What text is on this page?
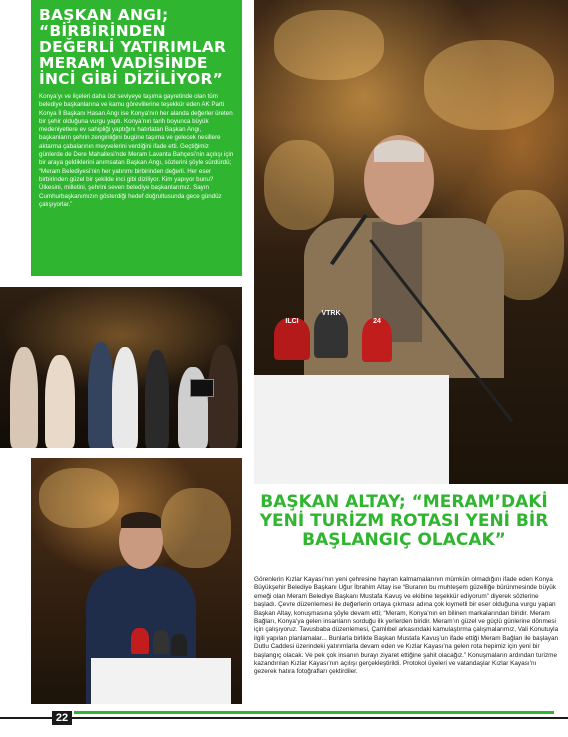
BAŞKAN ANGI; “BİRBİRİNDEN DEĞERLİ YATIRIMLAR MERAM VADİSİNDE İNCİ GİBİ DİZİLİYOR”

Konya’yı ve ilçeleri daha üst seviyeye taşıma gayretinde olan tüm belediye başkanlarına ve kamu görevlilerine teşekkür eden AK Parti Konya İl Başkanı Hasan Angı ise Konya’nın her alanda değerler üreten bir şehir olduğuna vurgu yaptı. Konya’nın tarih boyunca büyük medeniyetlere ev sahipliği yaptığını hatırlatan Başkan Angı, başkanların şehrin zenginliğini bugüne taşıma ve gelecek nesillere aktarma çabalarının meyvelerini verdiğini ifade etti. Geçtiğimiz günlerde de Dere Mahallesi’nde Meram Lavanta Bahçesi’nin açılışı için bir araya geldiklerini anımsatan Başkan Angı, sözlerini şöyle sürdürdü; “Meram Belediyesi’nin her yatırımı birbirinden değerli. Her eser birbirinden güzel bir şekilde inci gibi diziliyor. Kim yapıyor bunu? Ülkesini, milletini, şehrini seven belediye başkanlarımız. Sayın Cumhurbaşkanımızın gösterdiği hedef doğrultusunda gece gündüz çalışıyorlar.”

ILCI
VTRK
24
BAŞKAN ALTAY; “MERAM’DAKİ YENİ TURİZM ROTASI YENİ BİR BAŞLANGIÇ OLACAK”

Görenlerin Kızlar Kayası’nın yeni çehresine hayran kalmamalarının mümkün olmadığını ifade eden Konya Büyükşehir Belediye Başkanı Uğur İbrahim Altay ise “Buranın bu muhteşem güzelliğe bürünmesinde büyük emeği olan Meram Belediye Başkanı Mustafa Kavuş ve ekibine teşekkür ediyorum” diyerek sözlerine başladı. Çevre düzenlemesi ile değerlerin ortaya çıkması adına çok kıymetli bir eser olduğuna vurgu yapan Başkan Altay, konuşmasına şöyle devam etti; “Meram, Konya’nın en bilinen markalarından biridir. Meram Bağları, Konya’ya gelen insanların sorduğu ilk yerlerden biridir. Meram’ın güzel ve güçlü günlerine dönmesi için çalışıyoruz. Tavusbaba düzenlemesi, Çamlıbel arkasındaki kamulaştırma çalışmalarımız, Vali Konutuyla ilgili yapılan planlamalar... Bunlarla birlikte Başkan Mustafa Kavuş’un ifade ettiği Meram Bağları ile başlayan Dutlu Caddesi üzerindeki yatırımlarla devam eden ve Kızlar Kayası’na gelen rota hepimiz için yeni bir başlangıç olacak. Ve pek çok insanın burayı ziyaret ettiğine şahit olacağız.” Konuşmaların ardından turizme kazandırılan Kızlar Kayası’nın açılışı gerçekleştirildi. Protokol üyeleri ve vatandaşlar Kızlar Kayası’nı gezerek hatıra fotoğrafları çektirdiler.

22
